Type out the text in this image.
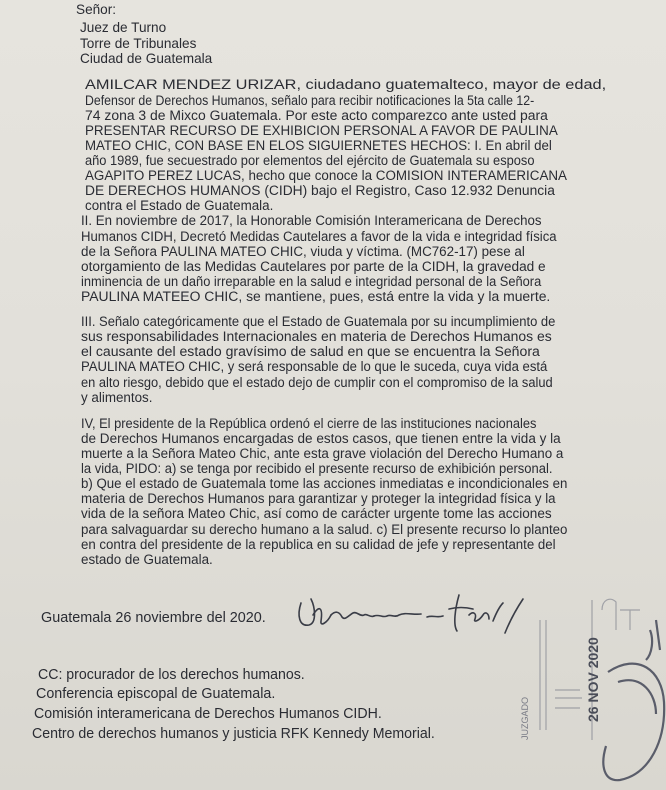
Señor:
Juez de Turno
Torre de Tribunales
Ciudad de Guatemala
AMILCAR MENDEZ URIZAR, ciudadano guatemalteco, mayor de edad,
Defensor de Derechos Humanos, señalo para recibir notificaciones la 5ta calle 12-
74 zona 3 de Mixco Guatemala. Por este acto comparezco ante usted para
PRESENTAR RECURSO DE EXHIBICION PERSONAL A FAVOR DE PAULINA
MATEO CHIC, CON BASE EN ELOS SIGUIERNETES HECHOS: I. En abril del
año 1989, fue secuestrado por elementos del ejército de Guatemala su esposo
AGAPITO PEREZ LUCAS, hecho que conoce la COMISION INTERAMERICANA
DE DERECHOS HUMANOS (CIDH) bajo el Registro, Caso 12.932 Denuncia
contra el Estado de Guatemala.
II. En noviembre de 2017, la Honorable Comisión Interamericana de Derechos
Humanos CIDH, Decretó Medidas Cautelares a favor de la vida e integridad física
de la Señora PAULINA MATEO CHIC, viuda y víctima. (MC762-17) pese al
otorgamiento de las Medidas Cautelares por parte de la CIDH, la gravedad e
inminencia de un daño irreparable en la salud e integridad personal de la Señora
PAULINA MATEEO CHIC, se mantiene, pues, está entre la vida y la muerte.
III. Señalo categóricamente que el Estado de Guatemala por su incumplimiento de
sus responsabilidades Internacionales en materia de Derechos Humanos es
el causante del estado gravísimo de salud en que se encuentra la Señora
PAULINA MATEO CHIC, y será responsable de lo que le suceda, cuya vida está
en alto riesgo, debido que el estado dejo de cumplir con el compromiso de la salud
y alimentos.
IV, El presidente de la República ordenó el cierre de las instituciones nacionales
de Derechos Humanos encargadas de estos casos, que tienen entre la vida y la
muerte a la Señora Mateo Chic, ante esta grave violación del Derecho Humano a
la vida, PIDO: a) se tenga por recibido el presente recurso de exhibición personal.
b) Que el estado de Guatemala tome las acciones inmediatas e incondicionales en
materia de Derechos Humanos para garantizar y proteger la integridad física y la
vida de la señora Mateo Chic, así como de carácter urgente tome las acciones
para salvaguardar su derecho humano a la salud. c) El presente recurso lo planteo
en contra del presidente de la republica en su calidad de jefe y representante del
estado de Guatemala.
Guatemala 26 noviembre del 2020.
JUZGADO	26 NOV 2020
CC: procurador de los derechos humanos.
Conferencia episcopal de Guatemala.
Comisión interamericana de Derechos Humanos CIDH.
Centro de derechos humanos y justicia RFK Kennedy Memorial.
